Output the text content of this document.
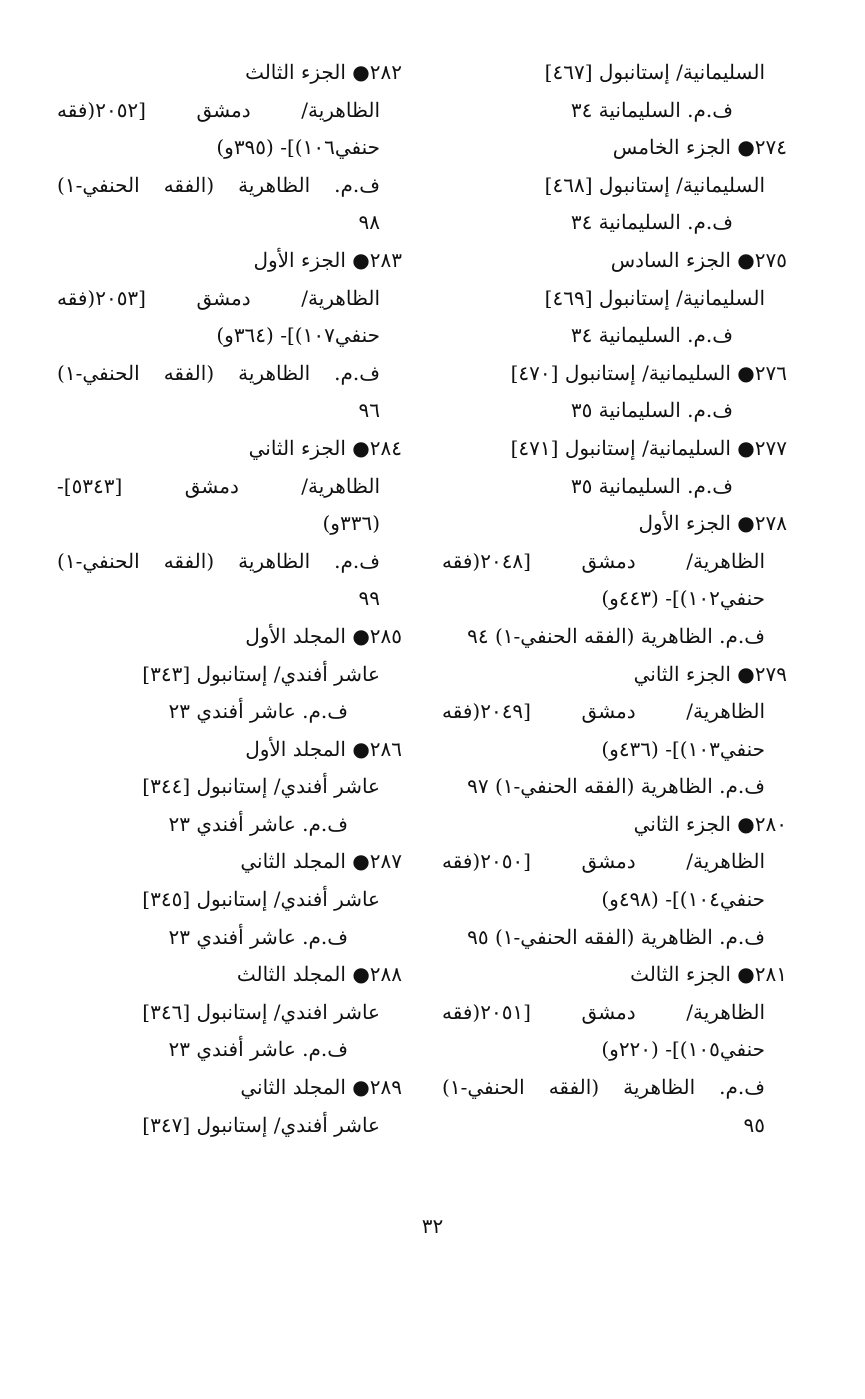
السليمانية/ إستانبول [٤٦٧]
ف.م. السليمانية ٣٤
٢٧٤● الجزء الخامس
السليمانية/ إستانبول [٤٦٨]
ف.م. السليمانية ٣٤
٢٧٥● الجزء السادس
السليمانية/ إستانبول [٤٦٩]
ف.م. السليمانية ٣٤
٢٧٦● السليمانية/ إستانبول [٤٧٠]
ف.م. السليمانية ٣٥
٢٧٧● السليمانية/ إستانبول [٤٧١]
ف.م. السليمانية ٣٥
٢٧٨● الجزء الأول
الظاهرية/ دمشق [٢٠٤٨(فقه
حنفي١٠٢)]- (٤٤٣و)
ف.م. الظاهرية (الفقه الحنفي-١) ٩٤
٢٧٩● الجزء الثاني
الظاهرية/ دمشق [٢٠٤٩(فقه
حنفي١٠٣)]- (٤٣٦و)
ف.م. الظاهرية (الفقه الحنفي-١) ٩٧
٢٨٠● الجزء الثاني
الظاهرية/ دمشق [٢٠٥٠(فقه
حنفي١٠٤)]- (٤٩٨و)
ف.م. الظاهرية (الفقه الحنفي-١) ٩٥
٢٨١● الجزء الثالث
الظاهرية/ دمشق [٢٠٥١(فقه
حنفي١٠٥)]- (٢٢٠و)
ف.م. الظاهرية (الفقه الحنفي-١)
٩٥
٢٨٢● الجزء الثالث
الظاهرية/ دمشق [٢٠٥٢(فقه
حنفي١٠٦)]- (٣٩٥و)
ف.م. الظاهرية (الفقه الحنفي-١)
٩٨
٢٨٣● الجزء الأول
الظاهرية/ دمشق [٢٠٥٣(فقه
حنفي١٠٧)]- (٣٦٤و)
ف.م. الظاهرية (الفقه الحنفي-١)
٩٦
٢٨٤● الجزء الثاني
الظاهرية/ دمشق [٥٣٤٣]-
(٣٣٦و)
ف.م. الظاهرية (الفقه الحنفي-١)
٩٩
٢٨٥● المجلد الأول
عاشر أفندي/ إستانبول [٣٤٣]
ف.م. عاشر أفندي ٢٣
٢٨٦● المجلد الأول
عاشر أفندي/ إستانبول [٣٤٤]
ف.م. عاشر أفندي ٢٣
٢٨٧● المجلد الثاني
عاشر أفندي/ إستانبول [٣٤٥]
ف.م. عاشر أفندي ٢٣
٢٨٨● المجلد الثالث
عاشر افندي/ إستانبول [٣٤٦]
ف.م. عاشر أفندي ٢٣
٢٨٩● المجلد الثاني
عاشر أفندي/ إستانبول [٣٤٧]
٣٢
